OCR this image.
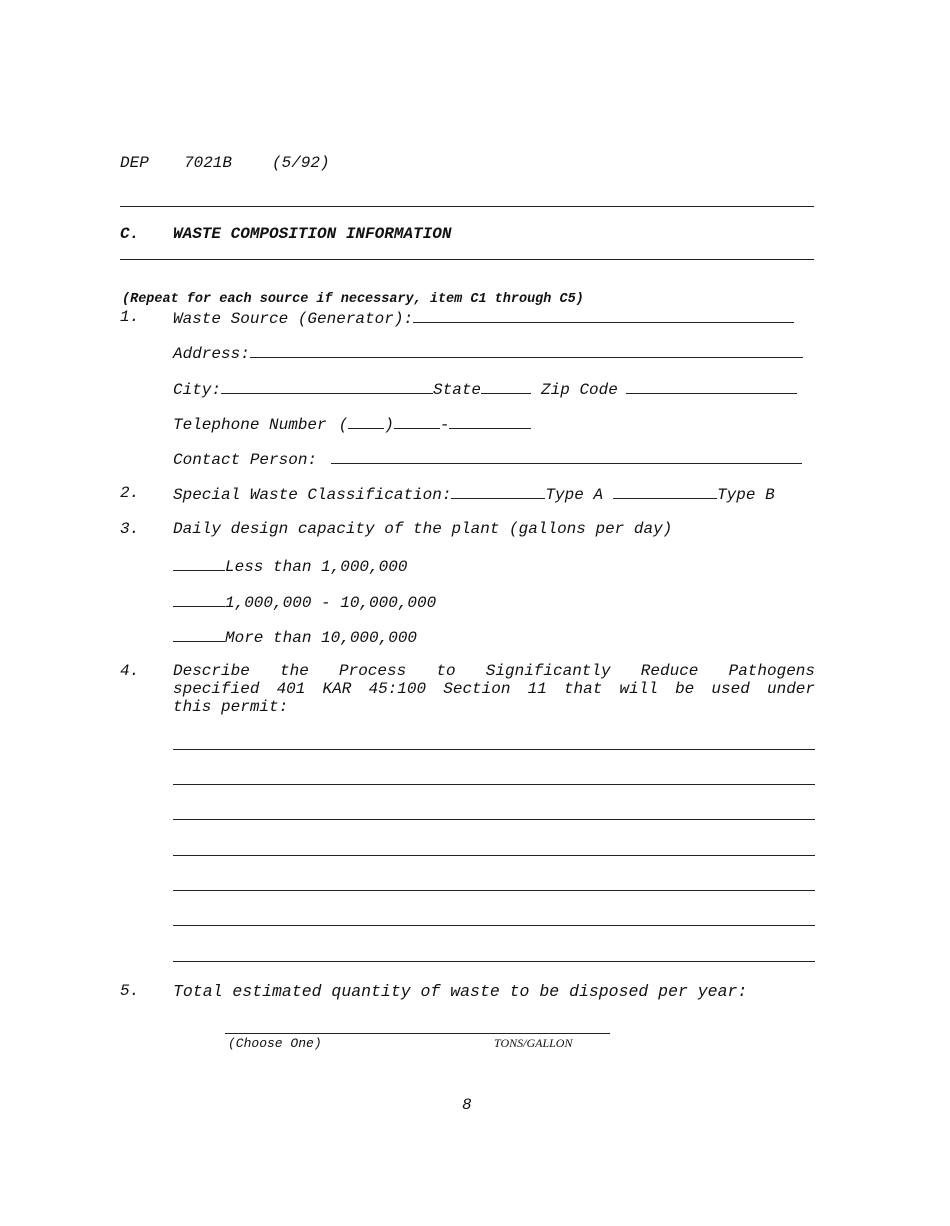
DEP 7021B (5/92)
C. WASTE COMPOSITION INFORMATION
(Repeat for each source if necessary, item C1 through C5)
1. Waste Source (Generator):
Address:
City:	State	Zip Code
Telephone Number ( )	-
Contact Person:
2. Special Waste Classification:	Type A	Type B
3. Daily design capacity of the plant (gallons per day)
Less than 1,000,000
1,000,000 - 10,000,000
More than 10,000,000
4. Describe the Process to Significantly Reduce Pathogens
specified 401 KAR 45:100 Section 11 that will be used under
this permit:
5. Total estimated quantity of waste to be disposed per year:
(Choose One)	TONS/GALLON
8
